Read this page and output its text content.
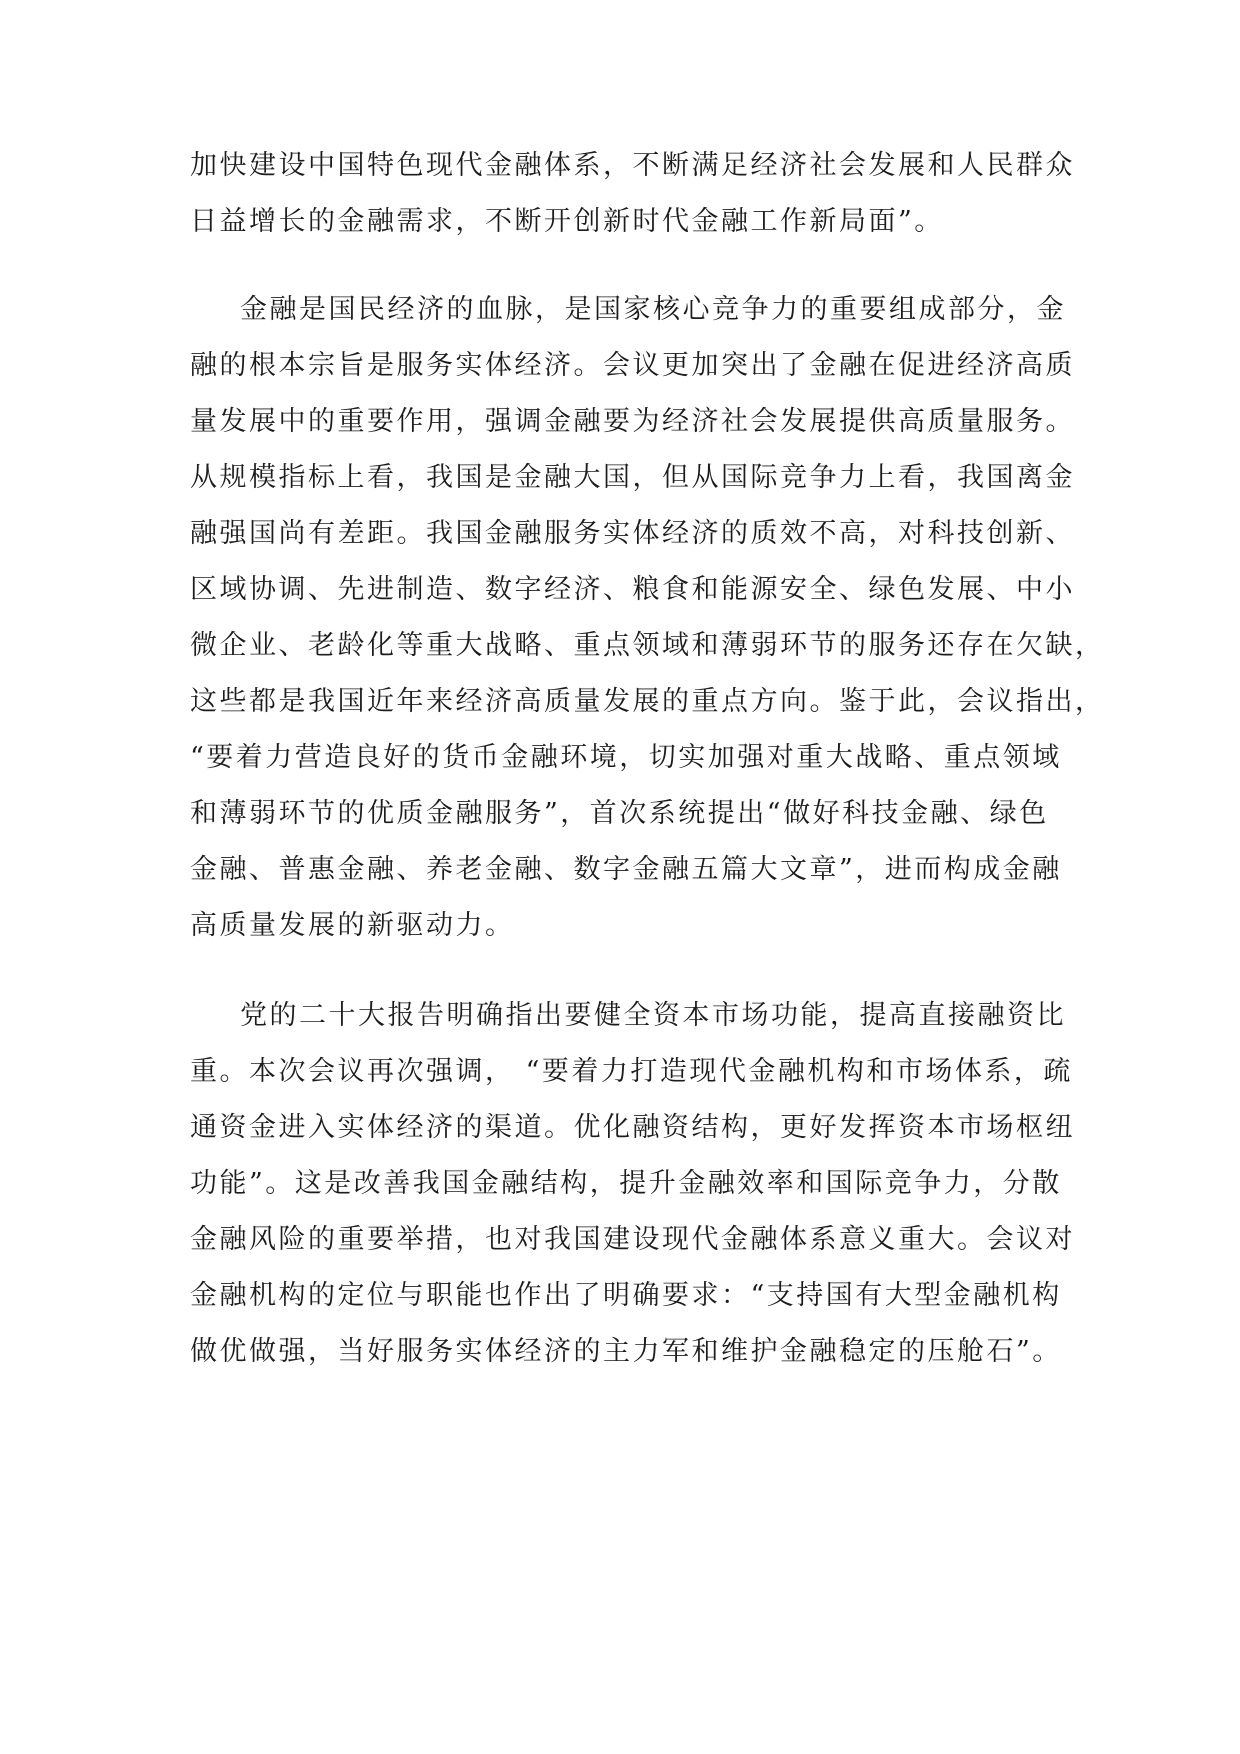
加快建设中国特色现代金融体系，不断满足经济社会发展和人民群众
日益增长的金融需求，不断开创新时代金融工作新局面”。
金融是国民经济的血脉，是国家核心竞争力的重要组成部分，金
融的根本宗旨是服务实体经济。会议更加突出了金融在促进经济高质
量发展中的重要作用，强调金融要为经济社会发展提供高质量服务。
从规模指标上看，我国是金融大国，但从国际竞争力上看，我国离金
融强国尚有差距。我国金融服务实体经济的质效不高，对科技创新、
区域协调、先进制造、数字经济、粮食和能源安全、绿色发展、中小
微企业、老龄化等重大战略、重点领域和薄弱环节的服务还存在欠缺，
这些都是我国近年来经济高质量发展的重点方向。鉴于此，会议指出，
“要着力营造良好的货币金融环境，切实加强对重大战略、重点领域
和薄弱环节的优质金融服务”，首次系统提出“做好科技金融、绿色
金融、普惠金融、养老金融、数字金融五篇大文章”，进而构成金融
高质量发展的新驱动力。
党的二十大报告明确指出要健全资本市场功能，提高直接融资比
重。本次会议再次强调， “要着力打造现代金融机构和市场体系，疏
通资金进入实体经济的渠道。优化融资结构，更好发挥资本市场枢纽
功能”。这是改善我国金融结构，提升金融效率和国际竞争力，分散
金融风险的重要举措，也对我国建设现代金融体系意义重大。会议对
金融机构的定位与职能也作出了明确要求：“支持国有大型金融机构
做优做强，当好服务实体经济的主力军和维护金融稳定的压舱石”。
